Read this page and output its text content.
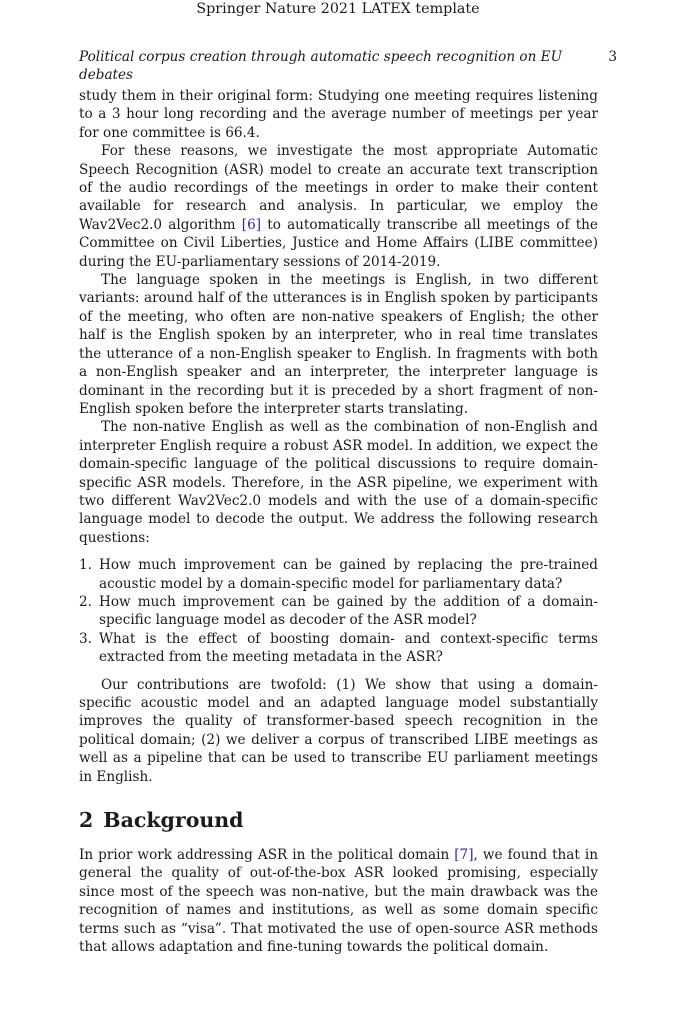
Springer Nature 2021 LATEX template
Political corpus creation through automatic speech recognition on EU debates
3

study them in their original form: Studying one meeting requires listening to a 3 hour long recording and the average number of meetings per year for one committee is 66.4.

For these reasons, we investigate the most appropriate Automatic Speech Recognition (ASR) model to create an accurate text transcription of the audio recordings of the meetings in order to make their content available for research and analysis. In particular, we employ the Wav2Vec2.0 algorithm [6] to automatically transcribe all meetings of the Committee on Civil Liberties, Justice and Home Affairs (LIBE committee) during the EU-parliamentary sessions of 2014-2019.

The language spoken in the meetings is English, in two different variants: around half of the utterances is in English spoken by participants of the meeting, who often are non-native speakers of English; the other half is the English spoken by an interpreter, who in real time translates the utterance of a non-English speaker to English. In fragments with both a non-English speaker and an interpreter, the interpreter language is dominant in the recording but it is preceded by a short fragment of non-English spoken before the interpreter starts translating.

The non-native English as well as the combination of non-English and interpreter English require a robust ASR model. In addition, we expect the domain-specific language of the political discussions to require domain-specific ASR models. Therefore, in the ASR pipeline, we experiment with two different Wav2Vec2.0 models and with the use of a domain-specific language model to decode the output. We address the following research questions:

1. How much improvement can be gained by replacing the pre-trained acoustic model by a domain-specific model for parliamentary data?
2. How much improvement can be gained by the addition of a domain-specific language model as decoder of the ASR model?
3. What is the effect of boosting domain- and context-specific terms extracted from the meeting metadata in the ASR?

Our contributions are twofold: (1) We show that using a domain-specific acoustic model and an adapted language model substantially improves the quality of transformer-based speech recognition in the political domain; (2) we deliver a corpus of transcribed LIBE meetings as well as a pipeline that can be used to transcribe EU parliament meetings in English.

2 Background

In prior work addressing ASR in the political domain [7], we found that in general the quality of out-of-the-box ASR looked promising, especially since most of the speech was non-native, but the main drawback was the recognition of names and institutions, as well as some domain specific terms such as “visa”. That motivated the use of open-source ASR methods that allows adaptation and fine-tuning towards the political domain.
